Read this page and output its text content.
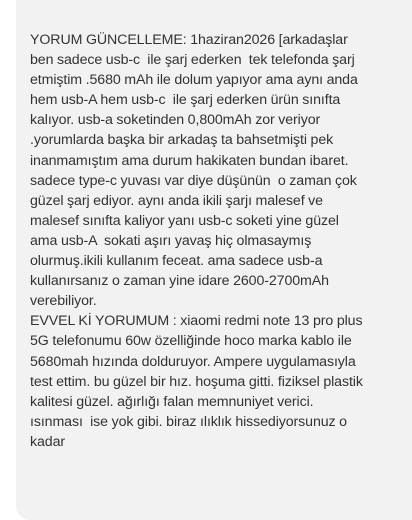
YORUM GÜNCELLEME: 1haziran2026 [arkadaşlar
ben sadece usb-c  ile şarj ederken  tek telefonda şarj
etmiştim .5680 mAh ile dolum yapıyor ama aynı anda
hem usb-A hem usb-c  ile şarj ederken ürün sınıfta
kalıyor. usb-a soketinden 0,800mAh zor veriyor
.yorumlarda başka bir arkadaş ta bahsetmişti pek
inanmamıştım ama durum hakikaten bundan ibaret.
sadece type-c yuvası var diye düşünün  o zaman çok
güzel şarj ediyor. aynı anda ikili şarjı malesef ve
malesef sınıfta kaliyor yanı usb-c soketi yine güzel
ama usb-A  sokati aşırı yavaş hiç olmasaymış
olurmuş.ikili kullanım feceat. ama sadece usb-a
kullanırsanız o zaman yine idare 2600-2700mAh
verebiliyor.
EVVEL Kİ YORUMUM : xiaomi redmi note 13 pro plus
5G telefonumu 60w özelliğinde hoco marka kablo ile
5680mah hızında dolduruyor. Ampere uygulamasıyla
test ettim. bu güzel bir hız. hoşuma gitti. fiziksel plastik
kalitesi güzel. ağırlığı falan memnuniyet verici.
ısınması  ise yok gibi. biraz ılıklık hissediyorsunuz o
kadar
